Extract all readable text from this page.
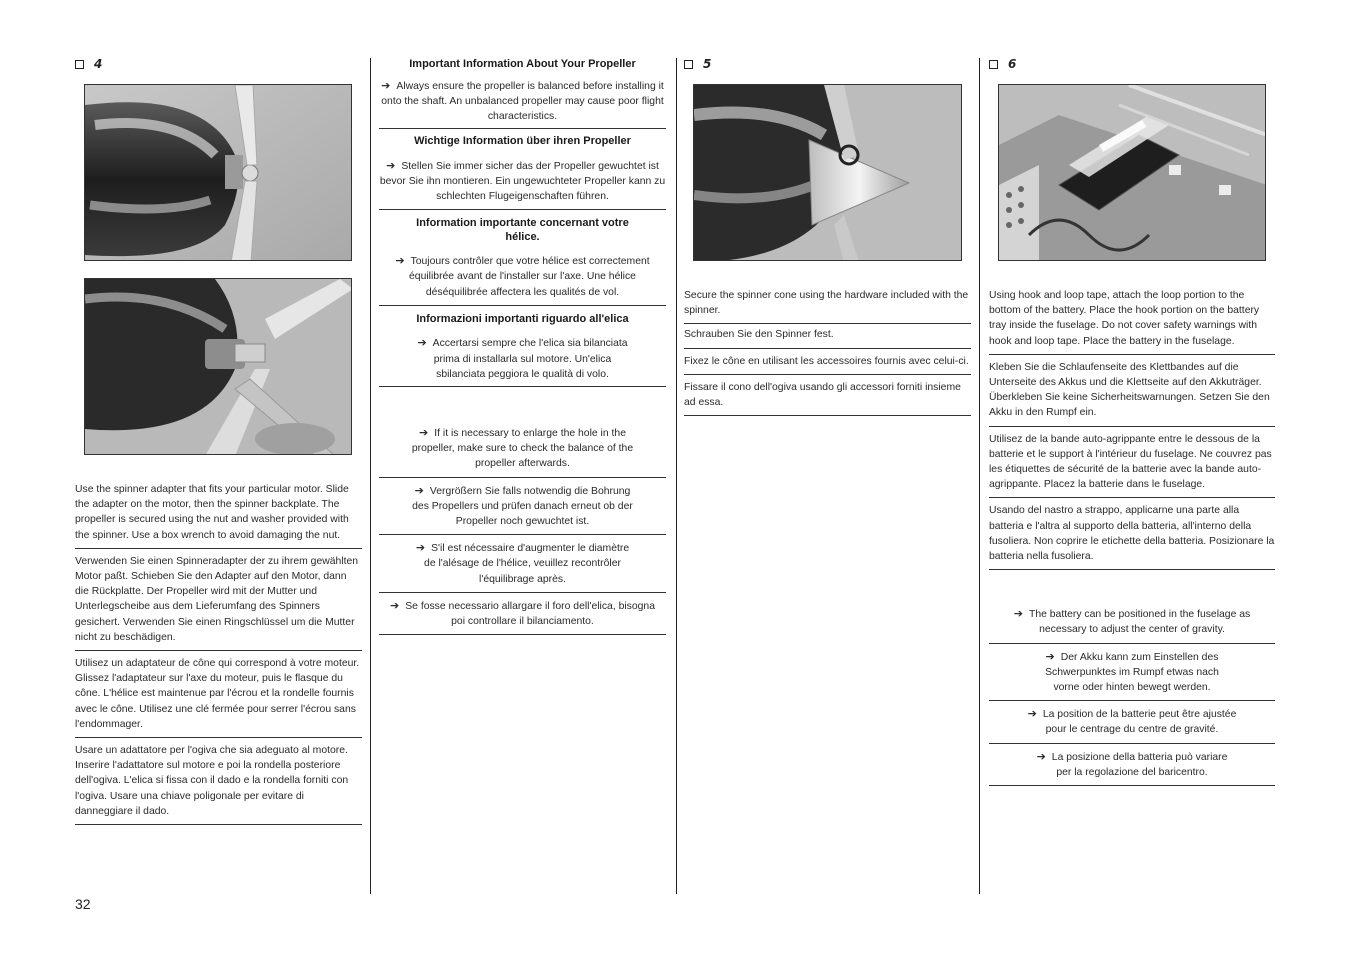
4
Use the spinner adapter that fits your particular motor. Slide the adapter on the motor, then the spinner backplate. The propeller is secured using the nut and washer provided with the spinner. Use a box wrench to avoid damaging the nut.
Verwenden Sie einen Spinneradapter der zu ihrem gewählten Motor paßt. Schieben Sie den Adapter auf den Motor, dann die Rückplatte. Der Propeller wird mit der Mutter und Unterlegscheibe aus dem Lieferumfang des Spinners gesichert. Verwenden Sie einen Ringschlüssel um die Mutter nicht zu beschädigen.
Utilisez un adaptateur de cône qui correspond à votre moteur. Glissez l'adaptateur sur l'axe du moteur, puis le flasque du cône. L'hélice est maintenue par l'écrou et la rondelle fournis avec le cône. Utilisez une clé fermée pour serrer l'écrou sans l'endommager.
Usare un adattatore per l'ogiva che sia adeguato al motore. Inserire l'adattatore sul motore e poi la rondella posteriore dell'ogiva. L'elica si fissa con il dado e la rondella forniti con l'ogiva. Usare una chiave poligonale per evitare di danneggiare il dado.
Important Information About Your Propeller
➔ Always ensure the propeller is balanced before installing it onto the shaft. An unbalanced propeller may cause poor flight characteristics.
Wichtige Information über ihren Propeller
➔ Stellen Sie immer sicher das der Propeller gewuchtet ist bevor Sie ihn montieren. Ein ungewuchteter Propeller kann zu schlechten Flugeigenschaften führen.
Information importante concernant votre hélice.
➔ Toujours contrôler que votre hélice est correctement équilibrée avant de l'installer sur l'axe. Une hélice déséquilibrée affectera les qualités de vol.
Informazioni importanti riguardo all'elica
➔ Accertarsi sempre che l'elica sia bilanciata prima di installarla sul motore. Un'elica sbilanciata peggiora le qualità di volo.
➔ If it is necessary to enlarge the hole in the propeller, make sure to check the balance of the propeller afterwards.
➔ Vergrößern Sie falls notwendig die Bohrung des Propellers und prüfen danach erneut ob der Propeller noch gewuchtet ist.
➔ S'il est nécessaire d'augmenter le diamètre de l'alésage de l'hélice, veuillez recontrôler l'équilibrage après.
➔ Se fosse necessario allargare il foro dell'elica, bisogna poi controllare il bilanciamento.
5
Secure the spinner cone using the hardware included with the spinner.
Schrauben Sie den Spinner fest.
Fixez le cône en utilisant les accessoires fournis avec celui-ci.
Fissare il cono dell'ogiva usando gli accessori forniti insieme ad essa.
6
Using hook and loop tape, attach the loop portion to the bottom of the battery. Place the hook portion on the battery tray inside the fuselage. Do not cover safety warnings with hook and loop tape. Place the battery in the fuselage.
Kleben Sie die Schlaufenseite des Klettbandes auf die Unterseite des Akkus und die Klettseite auf den Akkuträger. Überkleben Sie keine Sicherheitswarnungen. Setzen Sie den Akku in den Rumpf ein.
Utilisez de la bande auto-agrippante entre le dessous de la batterie et le support à l'intérieur du fuselage. Ne couvrez pas les étiquettes de sécurité de la batterie avec la bande auto-agrippante. Placez la batterie dans le fuselage.
Usando del nastro a strappo, applicarne una parte alla batteria e l'altra al supporto della batteria, all'interno della fusoliera. Non coprire le etichette della batteria. Posizionare la batteria nella fusoliera.
➔ The battery can be positioned in the fuselage as necessary to adjust the center of gravity.
➔ Der Akku kann zum Einstellen des Schwerpunktes im Rumpf etwas nach vorne oder hinten bewegt werden.
➔ La position de la batterie peut être ajustée pour le centrage du centre de gravité.
➔ La posizione della batteria può variare per la regolazione del baricentro.
32
